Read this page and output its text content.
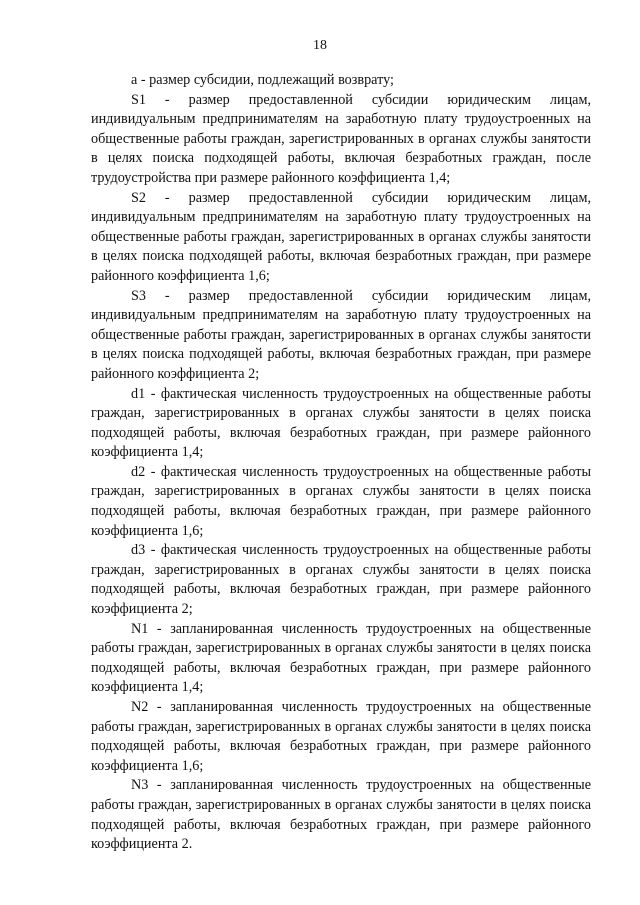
18

а - размер субсидии, подлежащий возврату;

S1 - размер предоставленной субсидии юридическим лицам, индивидуальным предпринимателям на заработную плату трудоустроенных на общественные работы граждан, зарегистрированных в органах службы занятости в целях поиска подходящей работы, включая безработных граждан, после трудоустройства при размере районного коэффициента 1,4;

S2 - размер предоставленной субсидии юридическим лицам, индивидуальным предпринимателям на заработную плату трудоустроенных на общественные работы граждан, зарегистрированных в органах службы занятости в целях поиска подходящей работы, включая безработных граждан, при размере районного коэффициента 1,6;

S3 - размер предоставленной субсидии юридическим лицам, индивидуальным предпринимателям на заработную плату трудоустроенных на общественные работы граждан, зарегистрированных в органах службы занятости в целях поиска подходящей работы, включая безработных граждан, при размере районного коэффициента 2;

d1 - фактическая численность трудоустроенных на общественные работы граждан, зарегистрированных в органах службы занятости в целях поиска подходящей работы, включая безработных граждан, при размере районного коэффициента 1,4;

d2 - фактическая численность трудоустроенных на общественные работы граждан, зарегистрированных в органах службы занятости в целях поиска подходящей работы, включая безработных граждан, при размере районного коэффициента 1,6;

d3 - фактическая численность трудоустроенных на общественные работы граждан, зарегистрированных в органах службы занятости в целях поиска подходящей работы, включая безработных граждан, при размере районного коэффициента 2;

N1 - запланированная численность трудоустроенных на общественные работы граждан, зарегистрированных в органах службы занятости в целях поиска подходящей работы, включая безработных граждан, при размере районного коэффициента 1,4;

N2 - запланированная численность трудоустроенных на общественные работы граждан, зарегистрированных в органах службы занятости в целях поиска подходящей работы, включая безработных граждан, при размере районного коэффициента 1,6;

N3 - запланированная численность трудоустроенных на общественные работы граждан, зарегистрированных в органах службы занятости в целях поиска подходящей работы, включая безработных граждан, при размере районного коэффициента 2.
